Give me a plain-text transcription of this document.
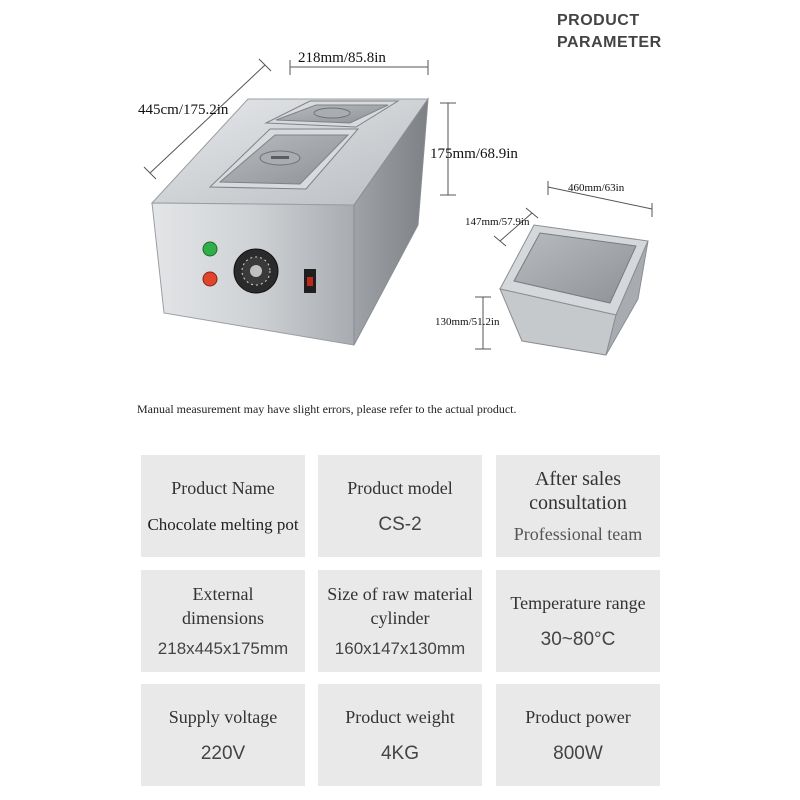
PRODUCT
PARAMETER
218mm/85.8in
445cm/175.2in
175mm/68.9in
460mm/63in
147mm/57.9in
130mm/51.2in
Manual measurement may have slight errors, please refer to the actual product.
Product Name
Chocolate melting pot
Product model
CS-2
After sales consultation
Professional team
External dimensions
218x445x175mm
Size of raw material cylinder
160x147x130mm
Temperature range
30~80°C
Supply voltage
220V
Product weight
4KG
Product power
800W
